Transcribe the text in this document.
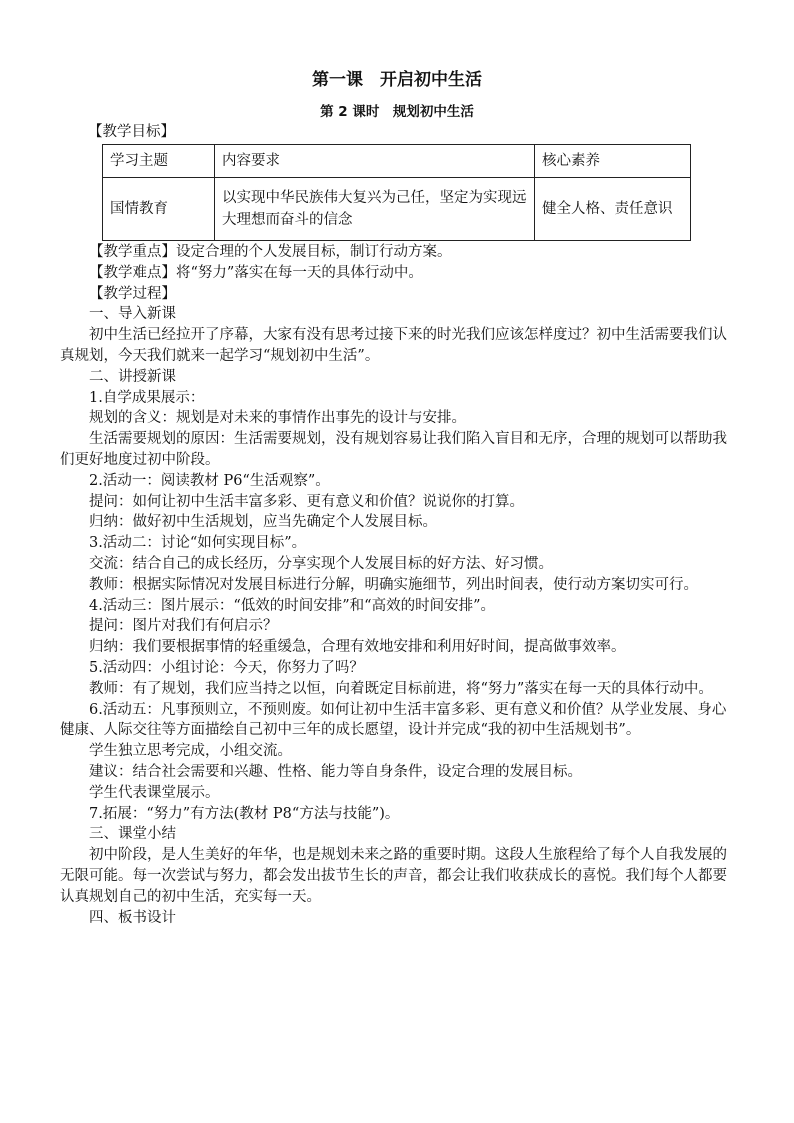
第一课　开启初中生活
第 2 课时　规划初中生活
【教学目标】
学习主题	内容要求	核心素养
国情教育	以实现中华民族伟大复兴为己任，坚定为实现远大理想而奋斗的信念	健全人格、责任意识

【教学重点】设定合理的个人发展目标，制订行动方案。

【教学难点】将“努力”落实在每一天的具体行动中。

【教学过程】

一、导入新课

初中生活已经拉开了序幕，大家有没有思考过接下来的时光我们应该怎样度过？初中生活需要我们认真规划，今天我们就来一起学习“规划初中生活”。

二、讲授新课

1.自学成果展示：

规划的含义：规划是对未来的事情作出事先的设计与安排。

生活需要规划的原因：生活需要规划，没有规划容易让我们陷入盲目和无序，合理的规划可以帮助我们更好地度过初中阶段。

2.活动一：阅读教材 P6“生活观察”。

提问：如何让初中生活丰富多彩、更有意义和价值？说说你的打算。

归纳：做好初中生活规划，应当先确定个人发展目标。

3.活动二：讨论“如何实现目标”。

交流：结合自己的成长经历，分享实现个人发展目标的好方法、好习惯。

教师：根据实际情况对发展目标进行分解，明确实施细节，列出时间表，使行动方案切实可行。

4.活动三：图片展示：“低效的时间安排”和“高效的时间安排”。

提问：图片对我们有何启示？

归纳：我们要根据事情的轻重缓急，合理有效地安排和利用好时间，提高做事效率。

5.活动四：小组讨论：今天，你努力了吗？

教师：有了规划，我们应当持之以恒，向着既定目标前进，将“努力”落实在每一天的具体行动中。

6.活动五：凡事预则立，不预则废。如何让初中生活丰富多彩、更有意义和价值？从学业发展、身心健康、人际交往等方面描绘自己初中三年的成长愿望，设计并完成“我的初中生活规划书”。

学生独立思考完成，小组交流。

建议：结合社会需要和兴趣、性格、能力等自身条件，设定合理的发展目标。

学生代表课堂展示。

7.拓展：“努力”有方法(教材 P8“方法与技能”)。

三、课堂小结

初中阶段，是人生美好的年华，也是规划未来之路的重要时期。这段人生旅程给了每个人自我发展的无限可能。每一次尝试与努力，都会发出拔节生长的声音，都会让我们收获成长的喜悦。我们每个人都要认真规划自己的初中生活，充实每一天。

四、板书设计
